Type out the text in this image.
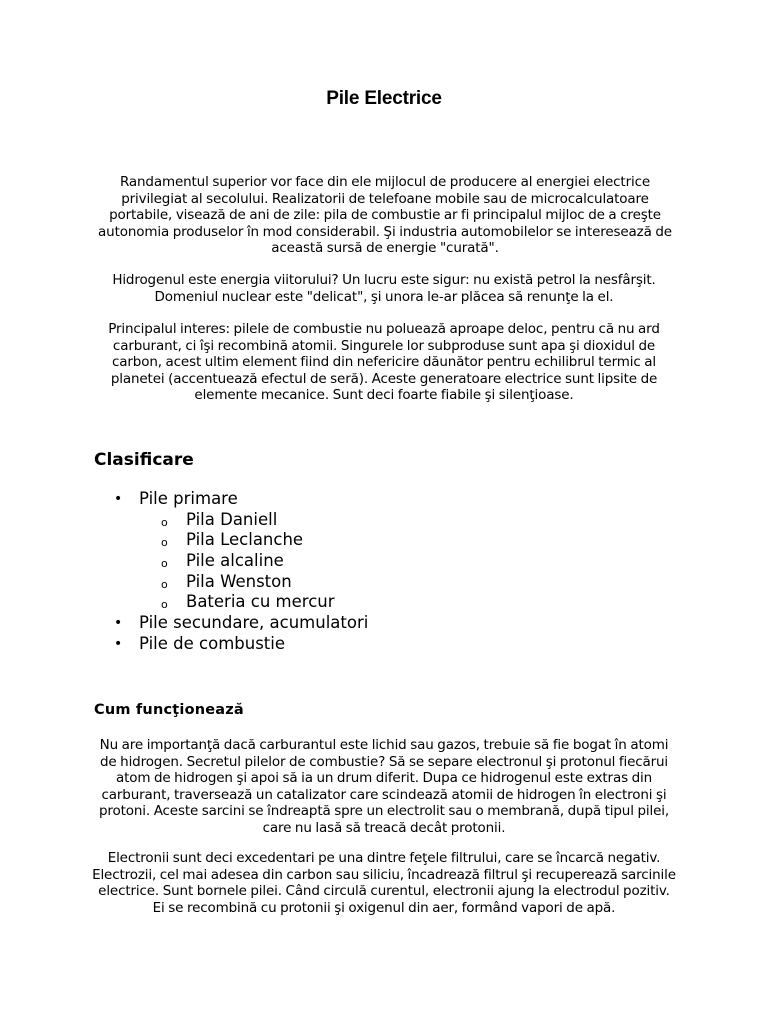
Pile Electrice

Randamentul superior vor face din ele mijlocul de producere al energiei electrice privilegiat al secolului. Realizatorii de telefoane mobile sau de microcalculatoare portabile, visează de ani de zile: pila de combustie ar fi principalul mijloc de a creşte autonomia produselor în mod considerabil. Şi industria automobilelor se interesează de această sursă de energie "curată".

Hidrogenul este energia viitorului? Un lucru este sigur: nu există petrol la nesfârşit. Domeniul nuclear este "delicat", şi unora le-ar plăcea să renunţe la el.

Principalul interes: pilele de combustie nu poluează aproape deloc, pentru că nu ard carburant, ci îşi recombină atomii. Singurele lor subproduse sunt apa şi dioxidul de carbon, acest ultim element fiind din nefericire dăunător pentru echilibrul termic al planetei (accentuează efectul de seră). Aceste generatoare electrice sunt lipsite de elemente mecanice. Sunt deci foarte fiabile şi silenţioase.

Clasificare
• Pile primare
o Pila Daniell
o Pila Leclanche
o Pile alcaline
o Pila Wenston
o Bateria cu mercur
• Pile secundare, acumulatori
• Pile de combustie
Cum funcţionează

Nu are importanţă dacă carburantul este lichid sau gazos, trebuie să fie bogat în atomi de hidrogen. Secretul pilelor de combustie? Să se separe electronul şi protonul fiecărui atom de hidrogen şi apoi să ia un drum diferit. Dupa ce hidrogenul este extras din carburant, traversează un catalizator care scindează atomii de hidrogen în electroni şi protoni. Aceste sarcini se îndreaptă spre un electrolit sau o membrană, după tipul pilei, care nu lasă să treacă decât protonii.

Electronii sunt deci excedentari pe una dintre feţele filtrului, care se încarcă negativ. Electrozii, cel mai adesea din carbon sau siliciu, încadrează filtrul şi recuperează sarcinile electrice. Sunt bornele pilei. Când circulă curentul, electronii ajung la electrodul pozitiv. Ei se recombină cu protonii şi oxigenul din aer, formând vapori de apă.
